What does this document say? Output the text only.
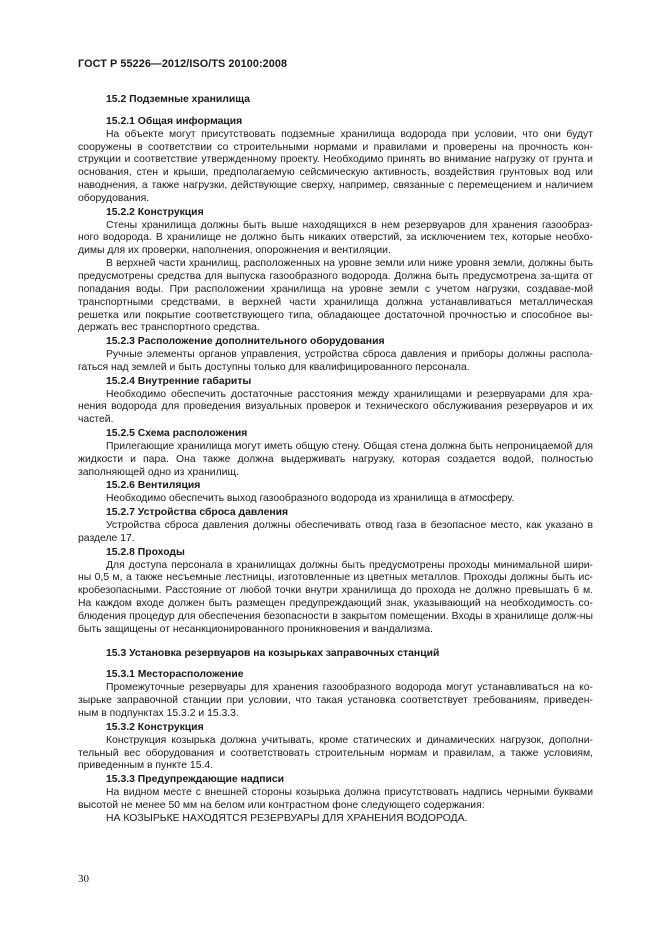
ГОСТ Р 55226—2012/ISO/TS 20100:2008

15.2 Подземные хранилища

15.2.1 Общая информация

На объекте могут присутствовать подземные хранилища водорода при условии, что они будут сооружены в соответствии со строительными нормами и правилами и проверены на прочность кон-струкции и соответствие утвержденному проекту. Необходимо принять во внимание нагрузку от грунта и основания, стен и крыши, предполагаемую сейсмическую активность, воздействия грунтовых вод или наводнения, а также нагрузки, действующие сверху, например, связанные с перемещением и наличием оборудования.

15.2.2 Конструкция

Стены хранилища должны быть выше находящихся в нем резервуаров для хранения газообраз-ного водорода. В хранилище не должно быть никаких отверстий, за исключением тех, которые необхо-димы для их проверки, наполнения, опорожнения и вентиляции.

В верхней части хранилищ, расположенных на уровне земли или ниже уровня земли, должны быть предусмотрены средства для выпуска газообразного водорода. Должна быть предусмотрена за-щита от попадания воды. При расположении хранилища на уровне земли с учетом нагрузки, создавае-мой транспортными средствами, в верхней части хранилища должна устанавливаться металлическая решетка или покрытие соответствующего типа, обладающее достаточной прочностью и способное вы-держать вес транспортного средства.

15.2.3 Расположение дополнительного оборудования

Ручные элементы органов управления, устройства сброса давления и приборы должны распола-гаться над землей и быть доступны только для квалифицированного персонала.

15.2.4 Внутренние габариты

Необходимо обеспечить достаточные расстояния между хранилищами и резервуарами для хра-нения водорода для проведения визуальных проверок и технического обслуживания резервуаров и их частей.

15.2.5 Схема расположения

Прилегающие хранилища могут иметь общую стену. Общая стена должна быть непроницаемой для жидкости и пара. Она также должна выдерживать нагрузку, которая создается водой, полностью заполняющей одно из хранилищ.

15.2.6 Вентиляция

Необходимо обеспечить выход газообразного водорода из хранилища в атмосферу.

15.2.7 Устройства сброса давления

Устройства сброса давления должны обеспечивать отвод газа в безопасное место, как указано в разделе 17.

15.2.8 Проходы

Для доступа персонала в хранилищах должны быть предусмотрены проходы минимальной шири-ны 0,5 м, а также несъемные лестницы, изготовленные из цветных металлов. Проходы должны быть ис-кробезопасными. Расстояние от любой точки внутри хранилища до прохода не должно превышать 6 м. На каждом входе должен быть размещен предупреждающий знак, указывающий на необходимость со-блюдения процедур для обеспечения безопасности в закрытом помещении. Входы в хранилище долж-ны быть защищены от несанкционированного проникновения и вандализма.

15.3 Установка резервуаров на козырьках заправочных станций

15.3.1 Месторасположение

Промежуточные резервуары для хранения газообразного водорода могут устанавливаться на ко-зырьке заправочной станции при условии, что такая установка соответствует требованиям, приведен-ным в подпунктах 15.3.2 и 15.3.3.

15.3.2 Конструкция

Конструкция козырька должна учитывать, кроме статических и динамических нагрузок, дополни-тельный вес оборудования и соответствовать строительным нормам и правилам, а также условиям, приведенным в пункте 15.4.

15.3.3 Предупреждающие надписи

На видном месте с внешней стороны козырька должна присутствовать надпись черными буквами высотой не менее 50 мм на белом или контрастном фоне следующего содержания:

НА КОЗЫРЬКЕ НАХОДЯТСЯ РЕЗЕРВУАРЫ ДЛЯ ХРАНЕНИЯ ВОДОРОДА.

30
